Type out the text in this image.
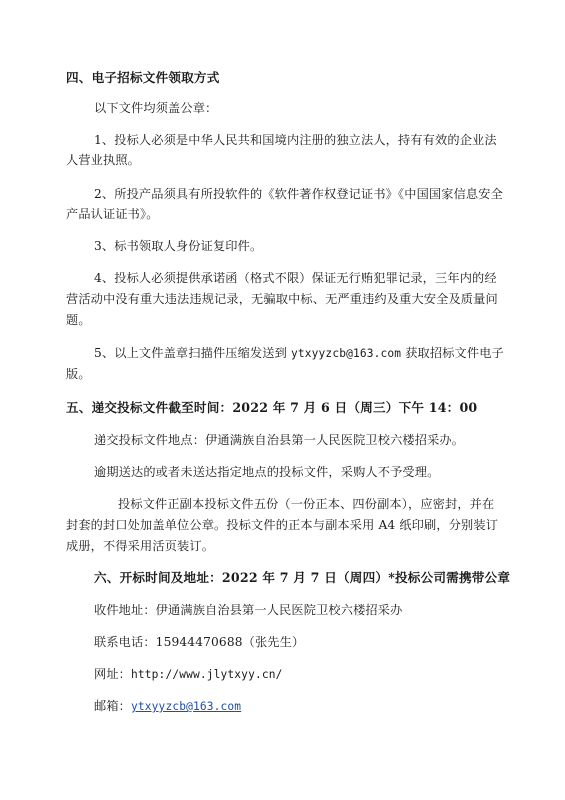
四、电子招标文件领取方式
以下文件均须盖公章：
1、投标人必须是中华人民共和国境内注册的独立法人，持有有效的企业法
人营业执照。
2、所投产品须具有所投软件的《软件著作权登记证书》《中国国家信息安全
产品认证证书》。
3、标书领取人身份证复印件。
4、投标人必须提供承诺函（格式不限）保证无行贿犯罪记录，三年内的经
营活动中没有重大违法违规记录，无骗取中标、无严重违约及重大安全及质量问
题。
5、以上文件盖章扫描件压缩发送到 ytxyyzcb@163.com 获取招标文件电子
版。
五、递交投标文件截至时间：2022 年 7 月 6 日（周三）下午 14：00
递交投标文件地点：伊通满族自治县第一人民医院卫校六楼招采办。
逾期送达的或者未送达指定地点的投标文件，采购人不予受理。
投标文件正副本投标文件五份（一份正本、四份副本），应密封，并在
封套的封口处加盖单位公章。投标文件的正本与副本采用 A4 纸印刷，分别装订
成册，不得采用活页装订。
六、开标时间及地址：2022 年 7 月 7 日（周四）*投标公司需携带公章
收件地址：伊通满族自治县第一人民医院卫校六楼招采办
联系电话：15944470688（张先生）
网址：http://www.jlytxyy.cn/
邮箱：ytxyyzcb@163.com
